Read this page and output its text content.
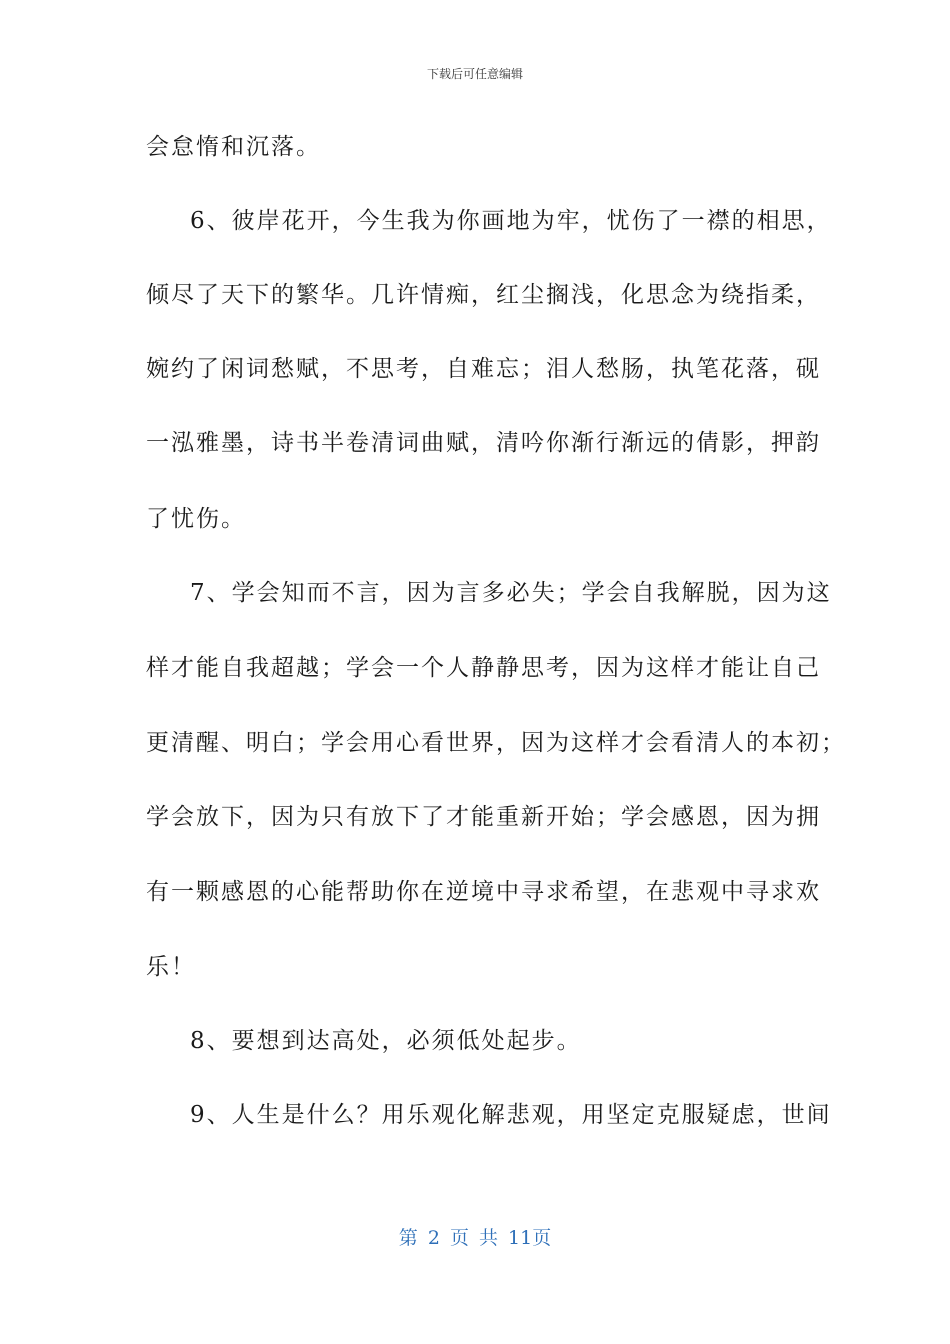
下载后可任意编辑
会怠惰和沉落。
6、彼岸花开，今生我为你画地为牢，忧伤了一襟的相思，
倾尽了天下的繁华。几许情痴，红尘搁浅，化思念为绕指柔，
婉约了闲词愁赋，不思考，自难忘；泪人愁肠，执笔花落，砚
一泓雅墨，诗书半卷清词曲赋，清吟你渐行渐远的倩影，押韵
了忧伤。
7、学会知而不言，因为言多必失；学会自我解脱，因为这
样才能自我超越；学会一个人静静思考，因为这样才能让自己
更清醒、明白；学会用心看世界，因为这样才会看清人的本初；
学会放下，因为只有放下了才能重新开始；学会感恩，因为拥
有一颗感恩的心能帮助你在逆境中寻求希望，在悲观中寻求欢
乐！
8、要想到达高处，必须低处起步。
9、人生是什么？用乐观化解悲观，用坚定克服疑虑，世间
第 2 页 共 11页
